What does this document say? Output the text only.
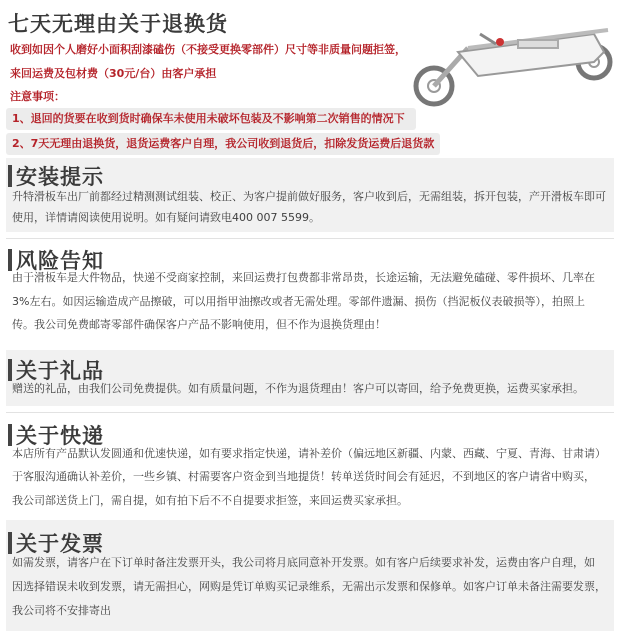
七天无理由关于退换货
收到如因个人磨好小面积刮漆磕伤（不接受更换零部件）尺寸等非质量问题拒签，
来回运费及包材费（30元/台）由客户承担
注意事项：
1、退回的货要在收到货时确保车未使用未破坏包装及不影响第二次销售的情况下
2、7天无理由退换货，退货运费客户自理，我公司收到退货后，扣除发货运费后退货款
安装提示
升特滑板车出厂前都经过精测测试组装、校正、为客户提前做好服务，客户收到后，无需组装，拆开包装，产开滑板车即可
使用，详情请阅读使用说明。如有疑问请致电400 007 5599。
风险告知
由于滑板车是大件物品，快递不受商家控制，来回运费打包费都非常昂贵，长途运输，无法避免磕碰、零件损坏、几率在
3%左右。如因运输造成产品擦破，可以用指甲油擦改或者无需处理。零部件遗漏、损伤（挡泥板仪表破损等），拍照上
传。我公司免费邮寄零部件确保客户产品不影响使用，但不作为退换货理由！
关于礼品
赠送的礼品，由我们公司免费提供。如有质量问题，不作为退货理由！客户可以寄回，给予免费更换，运费买家承担。
关于快递
本店所有产品默认发圆通和优速快递，如有要求指定快递，请补差价（偏远地区新疆、内蒙、西藏、宁夏、青海、甘肃请）
于客服沟通确认补差价，一些乡镇、村需要客户资金到当地提货！转单送货时间会有延迟，不到地区的客户请省中购买，
我公司部送货上门，需自提，如有拍下后不不自提要求拒签，来回运费买家承担。
关于发票
如需发票，请客户在下订单时备注发票开头，我公司将月底同意补开发票。如有客户后续要求补发，运费由客户自理，如
因选择错误未收到发票，请无需担心，网购是凭订单购买记录维系，无需出示发票和保修单。如客户订单未备注需要发票，
我公司将不安排寄出
